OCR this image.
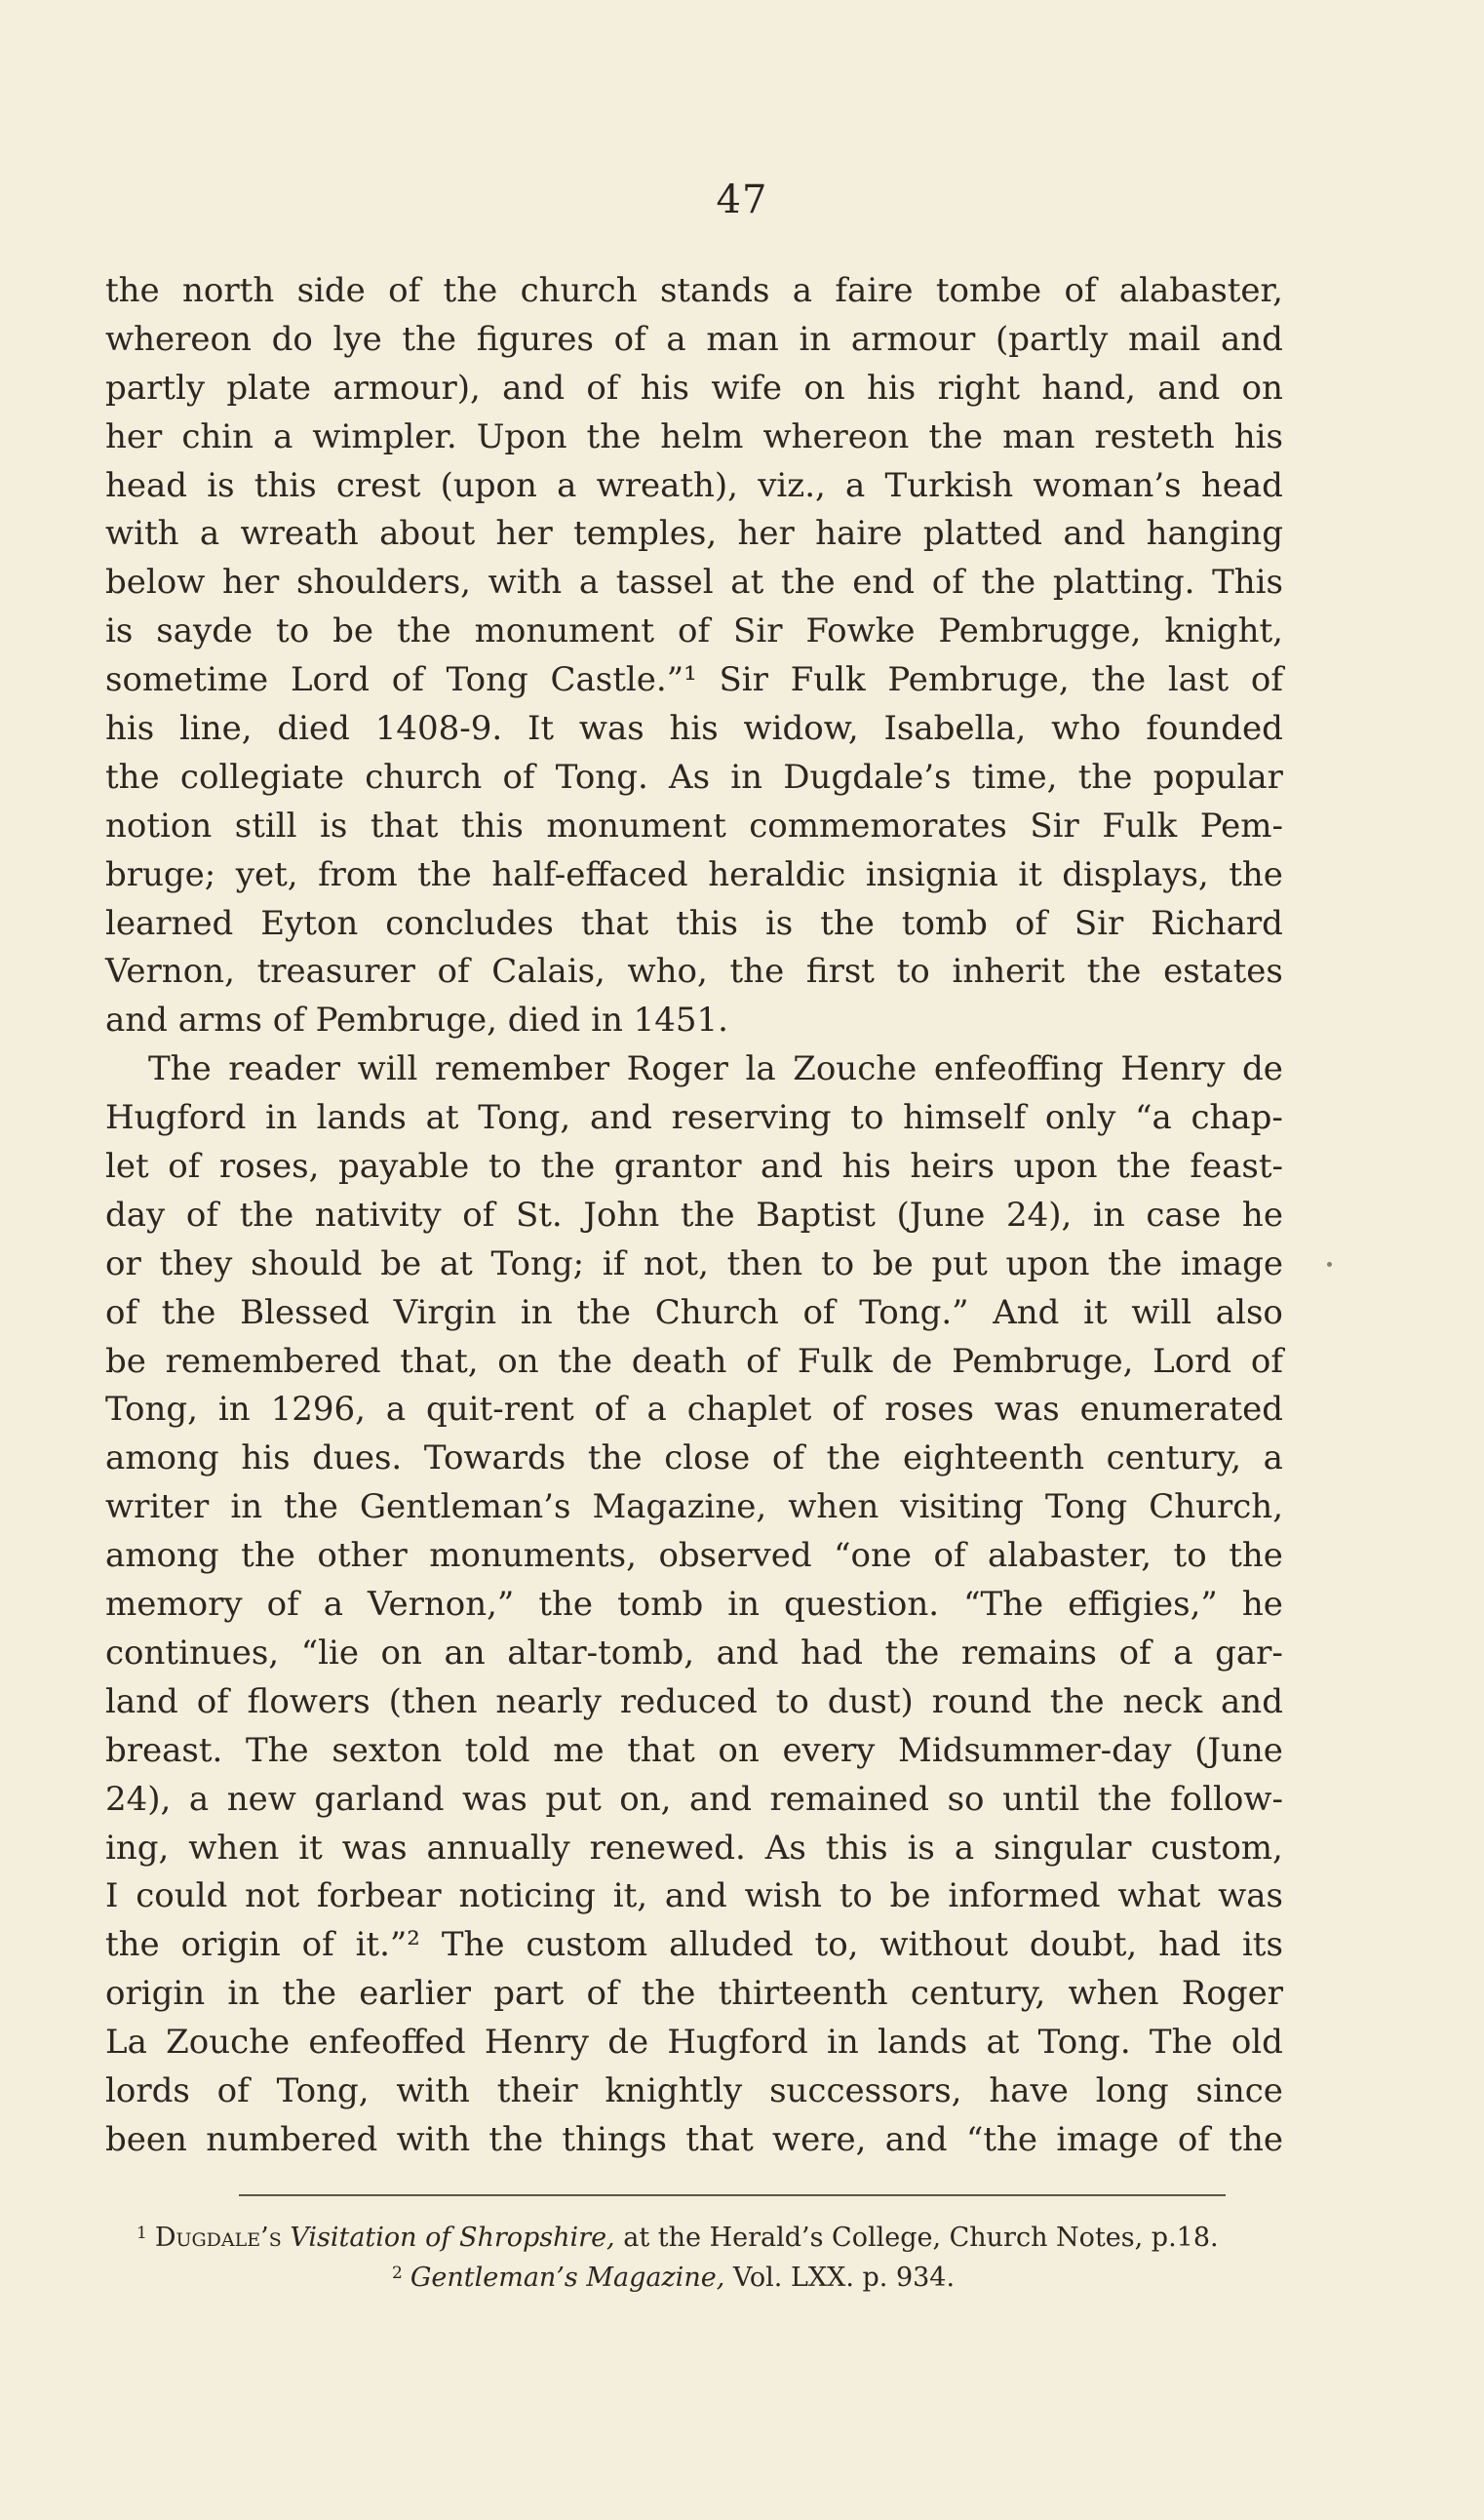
47
the north side of the church stands a faire tombe of alabaster,
whereon do lye the figures of a man in armour (partly mail and
partly plate armour), and of his wife on his right hand, and on
her chin a wimpler. Upon the helm whereon the man resteth his
head is this crest (upon a wreath), viz., a Turkish woman’s head
with a wreath about her temples, her haire platted and hanging
below her shoulders, with a tassel at the end of the platting. This
is sayde to be the monument of Sir Fowke Pembrugge, knight,
sometime Lord of Tong Castle.”¹ Sir Fulk Pembruge, the last of
his line, died 1408-9. It was his widow, Isabella, who founded
the collegiate church of Tong. As in Dugdale’s time, the popular
notion still is that this monument commemorates Sir Fulk Pem-
bruge; yet, from the half-effaced heraldic insignia it displays, the
learned Eyton concludes that this is the tomb of Sir Richard
Vernon, treasurer of Calais, who, the first to inherit the estates
and arms of Pembruge, died in 1451.
The reader will remember Roger la Zouche enfeoffing Henry de
Hugford in lands at Tong, and reserving to himself only “a chap-
let of roses, payable to the grantor and his heirs upon the feast-
day of the nativity of St. John the Baptist (June 24), in case he
or they should be at Tong; if not, then to be put upon the image
of the Blessed Virgin in the Church of Tong.” And it will also
be remembered that, on the death of Fulk de Pembruge, Lord of
Tong, in 1296, a quit-rent of a chaplet of roses was enumerated
among his dues. Towards the close of the eighteenth century, a
writer in the Gentleman’s Magazine, when visiting Tong Church,
among the other monuments, observed “one of alabaster, to the
memory of a Vernon,” the tomb in question. “The effigies,” he
continues, “lie on an altar-tomb, and had the remains of a gar-
land of flowers (then nearly reduced to dust) round the neck and
breast. The sexton told me that on every Midsummer-day (June
24), a new garland was put on, and remained so until the follow-
ing, when it was annually renewed. As this is a singular custom,
I could not forbear noticing it, and wish to be informed what was
the origin of it.”² The custom alluded to, without doubt, had its
origin in the earlier part of the thirteenth century, when Roger
La Zouche enfeoffed Henry de Hugford in lands at Tong. The old
lords of Tong, with their knightly successors, have long since
been numbered with the things that were, and “the image of the
$^1$ Dugdale’s Visitation of Shropshire, at the Herald’s College, Church Notes, p.18.
$^2$ Gentleman’s Magazine, Vol. LXX. p. 934.
